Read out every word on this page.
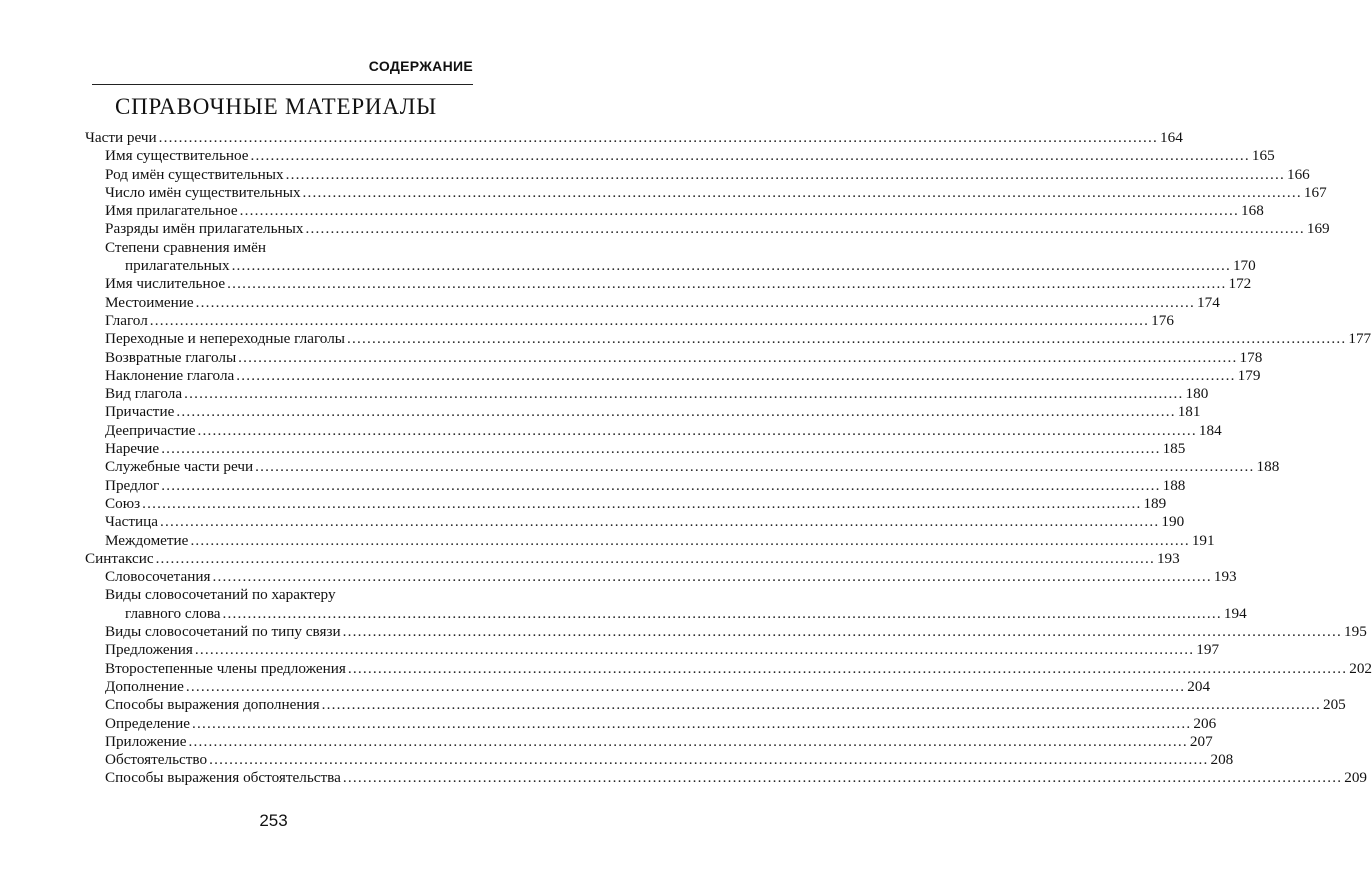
СОДЕРЖАНИЕ
СПРАВОЧНЫЕ МАТЕРИАЛЫ
Части речи ........................................................................................................................................................................................................ 164
Имя существительное ........................................................................................................................................................................................................ 165
Род имён существительных ........................................................................................................................................................................................................ 166
Число имён существительных ........................................................................................................................................................................................................ 167
Имя прилагательное ........................................................................................................................................................................................................ 168
Разряды имён прилагательных ........................................................................................................................................................................................................ 169
Степени сравнения имён
прилагательных ........................................................................................................................................................................................................ 170
Имя числительное ........................................................................................................................................................................................................ 172
Местоимение ........................................................................................................................................................................................................ 174
Глагол ........................................................................................................................................................................................................ 176
Переходные и непереходные глаголы ........................................................................................................................................................................................................ 177
Возвратные глаголы ........................................................................................................................................................................................................ 178
Наклонение глагола ........................................................................................................................................................................................................ 179
Вид глагола ........................................................................................................................................................................................................ 180
Причастие ........................................................................................................................................................................................................ 181
Деепричастие ........................................................................................................................................................................................................ 184
Наречие ........................................................................................................................................................................................................ 185
Служебные части речи ........................................................................................................................................................................................................ 188
Предлог ........................................................................................................................................................................................................ 188
Союз ........................................................................................................................................................................................................ 189
Частица ........................................................................................................................................................................................................ 190
Междометие ........................................................................................................................................................................................................ 191
Синтаксис ........................................................................................................................................................................................................ 193
Словосочетания ........................................................................................................................................................................................................ 193
Виды словосочетаний по характеру
главного слова ........................................................................................................................................................................................................ 194
Виды словосочетаний по типу связи ........................................................................................................................................................................................................ 195
Предложения ........................................................................................................................................................................................................ 197
Второстепенные члены предложения ........................................................................................................................................................................................................ 202
Дополнение ........................................................................................................................................................................................................ 204
Способы выражения дополнения ........................................................................................................................................................................................................ 205
Определение ........................................................................................................................................................................................................ 206
Приложение ........................................................................................................................................................................................................ 207
Обстоятельство ........................................................................................................................................................................................................ 208
Способы выражения обстоятельства ........................................................................................................................................................................................................ 209
253
